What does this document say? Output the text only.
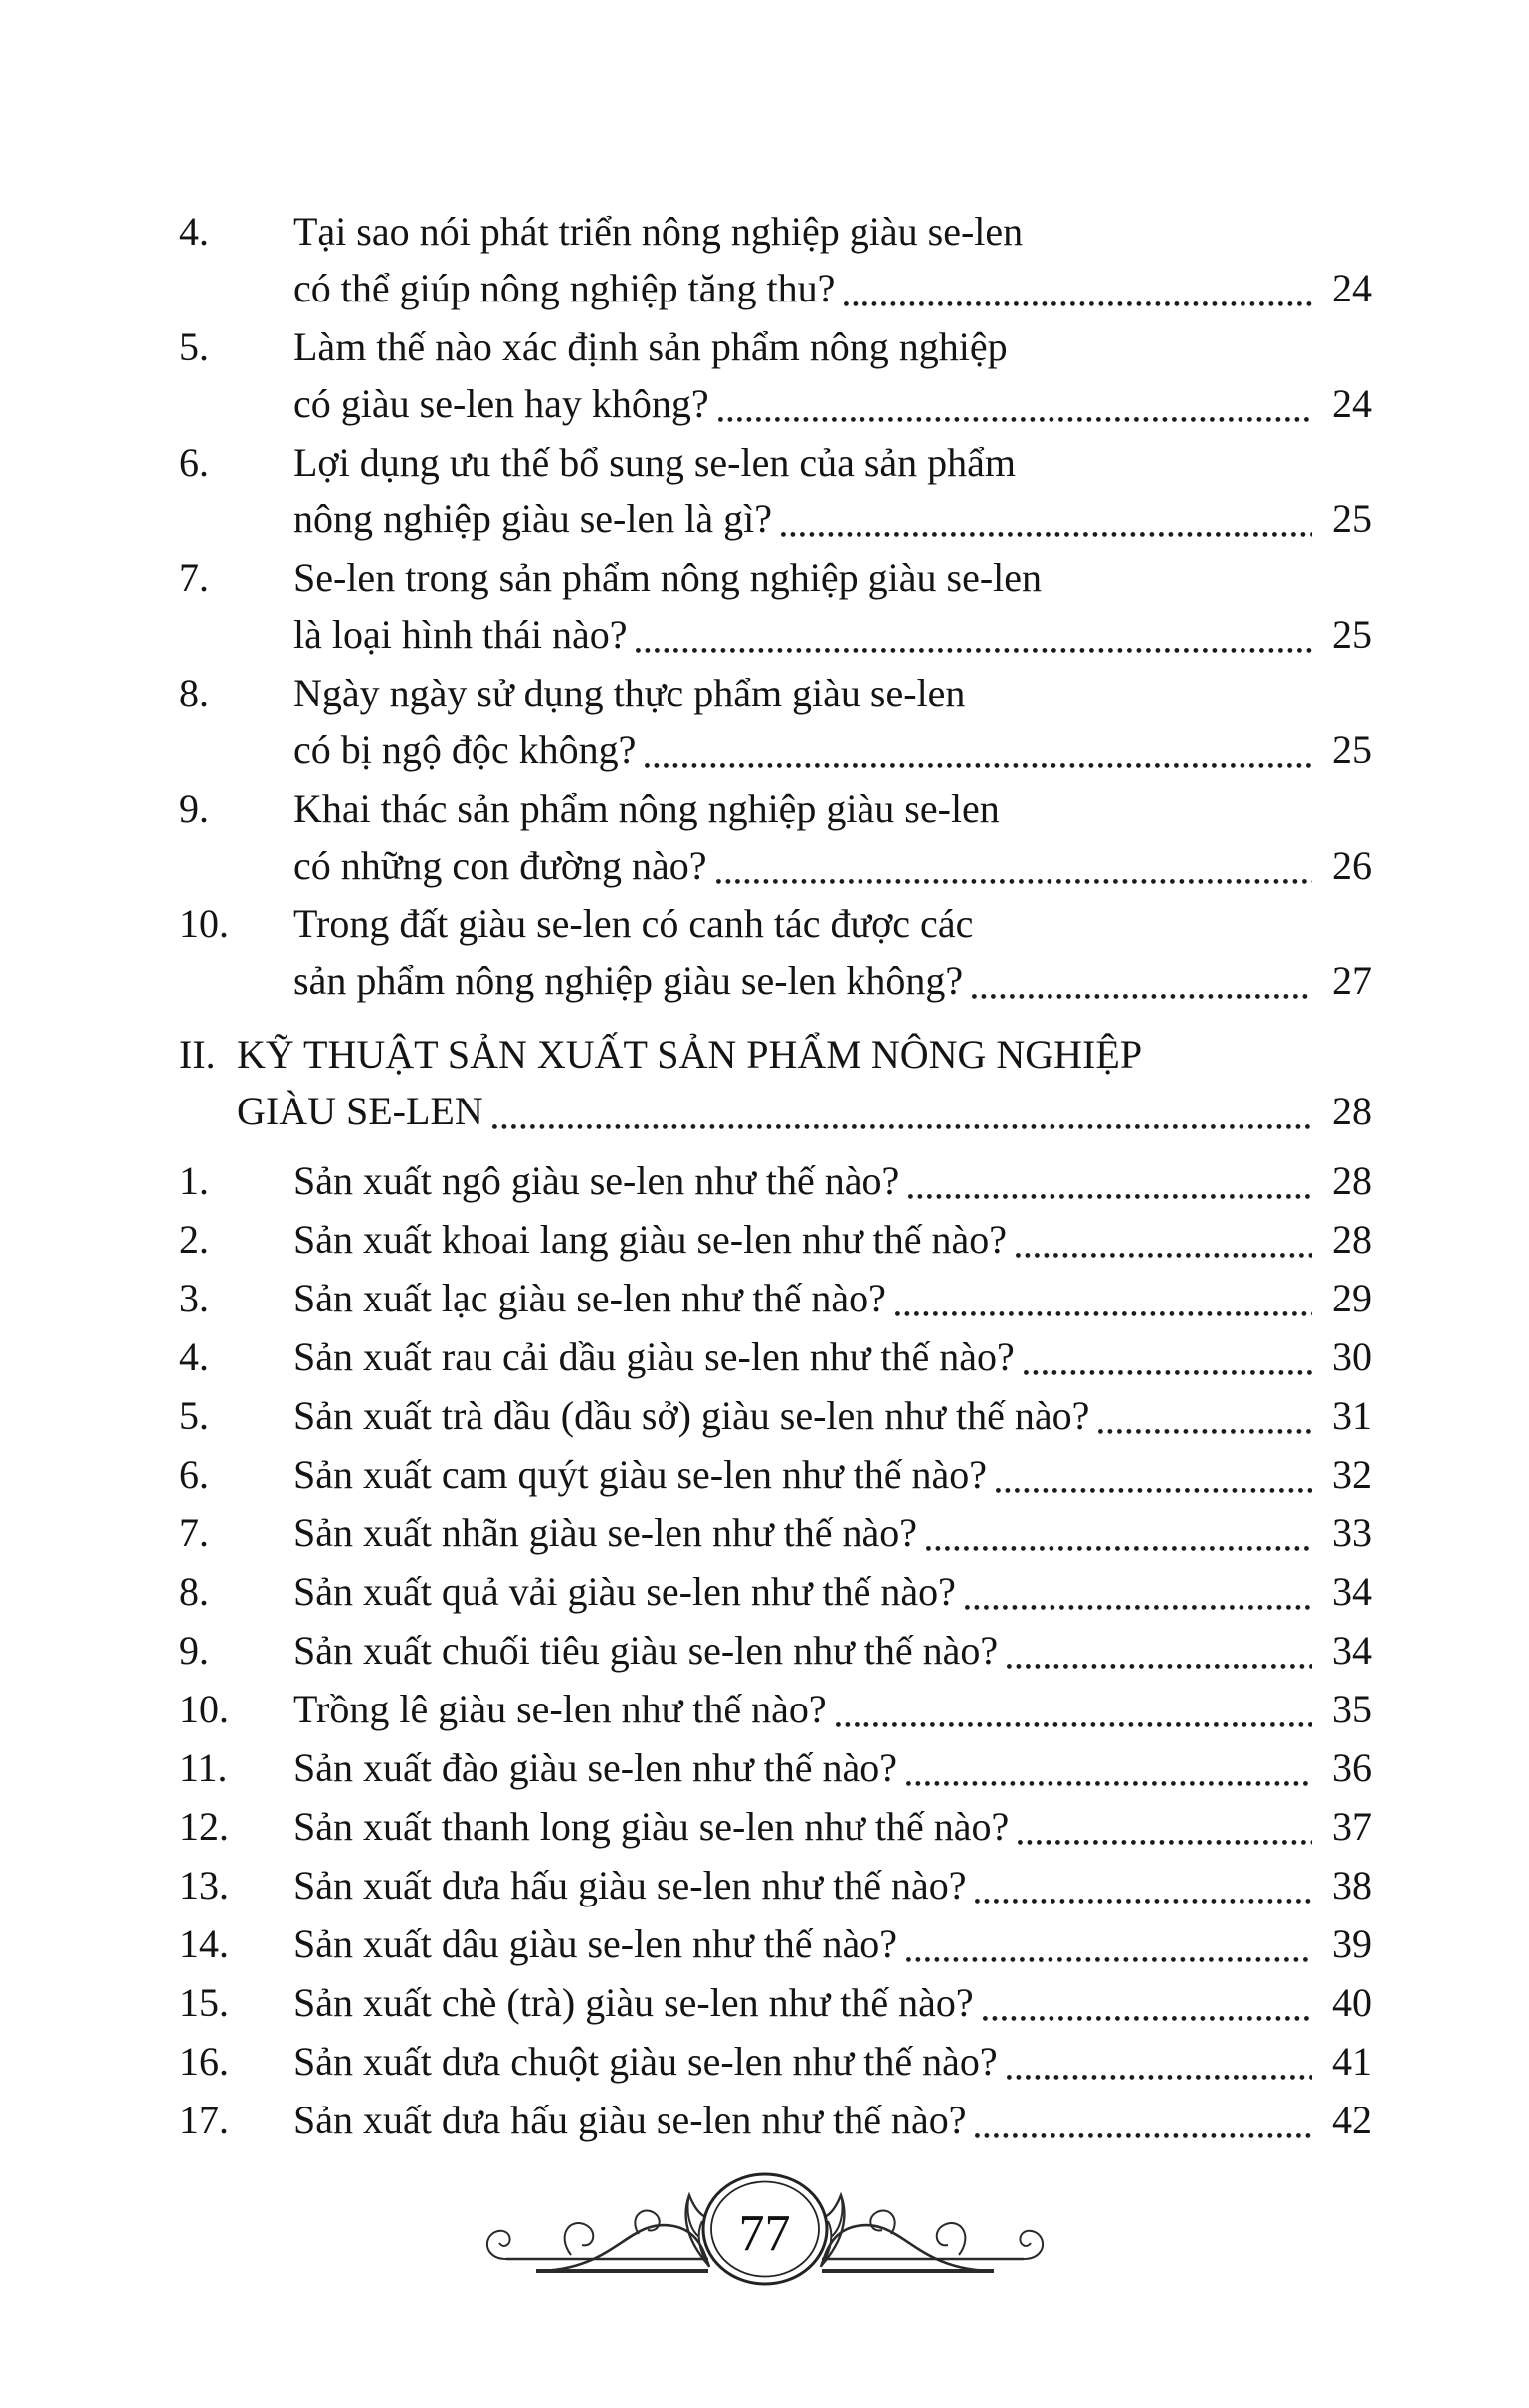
4.	Tại sao nói phát triển nông nghiệp giàu se-len
có thể giúp nông nghiệp tăng thu?	24
5.	Làm thế nào xác định sản phẩm nông nghiệp
có giàu se-len hay không?	24
6.	Lợi dụng ưu thế bổ sung se-len của sản phẩm
nông nghiệp giàu se-len là gì?	25
7.	Se-len trong sản phẩm nông nghiệp giàu se-len
là loại hình thái nào?	25
8.	Ngày ngày sử dụng thực phẩm giàu se-len
có bị ngộ độc không?	25
9.	Khai thác sản phẩm nông nghiệp giàu se-len
có những con đường nào?	26
10.	Trong đất giàu se-len có canh tác được các
sản phẩm nông nghiệp giàu se-len không?	27
II. KỸ THUẬT SẢN XUẤT SẢN PHẨM NÔNG NGHIỆP
GIÀU SE-LEN	28
1.	Sản xuất ngô giàu se-len như thế nào?	28
2.	Sản xuất khoai lang giàu se-len như thế nào?	28
3.	Sản xuất lạc giàu se-len như thế nào?	29
4.	Sản xuất rau cải dầu giàu se-len như thế nào?	30
5.	Sản xuất trà dầu (dầu sở) giàu se-len như thế nào?	31
6.	Sản xuất cam quýt giàu se-len như thế nào?	32
7.	Sản xuất nhãn giàu se-len như thế nào?	33
8.	Sản xuất quả vải giàu se-len như thế nào?	34
9.	Sản xuất chuối tiêu giàu se-len như thế nào?	34
10.	Trồng lê giàu se-len như thế nào?	35
11.	Sản xuất đào giàu se-len như thế nào?	36
12.	Sản xuất thanh long giàu se-len như thế nào?	37
13.	Sản xuất dưa hấu giàu se-len như thế nào?	38
14.	Sản xuất dâu giàu se-len như thế nào?	39
15.	Sản xuất chè (trà) giàu se-len như thế nào?	40
16.	Sản xuất dưa chuột giàu se-len như thế nào?	41
17.	Sản xuất dưa hấu giàu se-len như thế nào?	42
77
